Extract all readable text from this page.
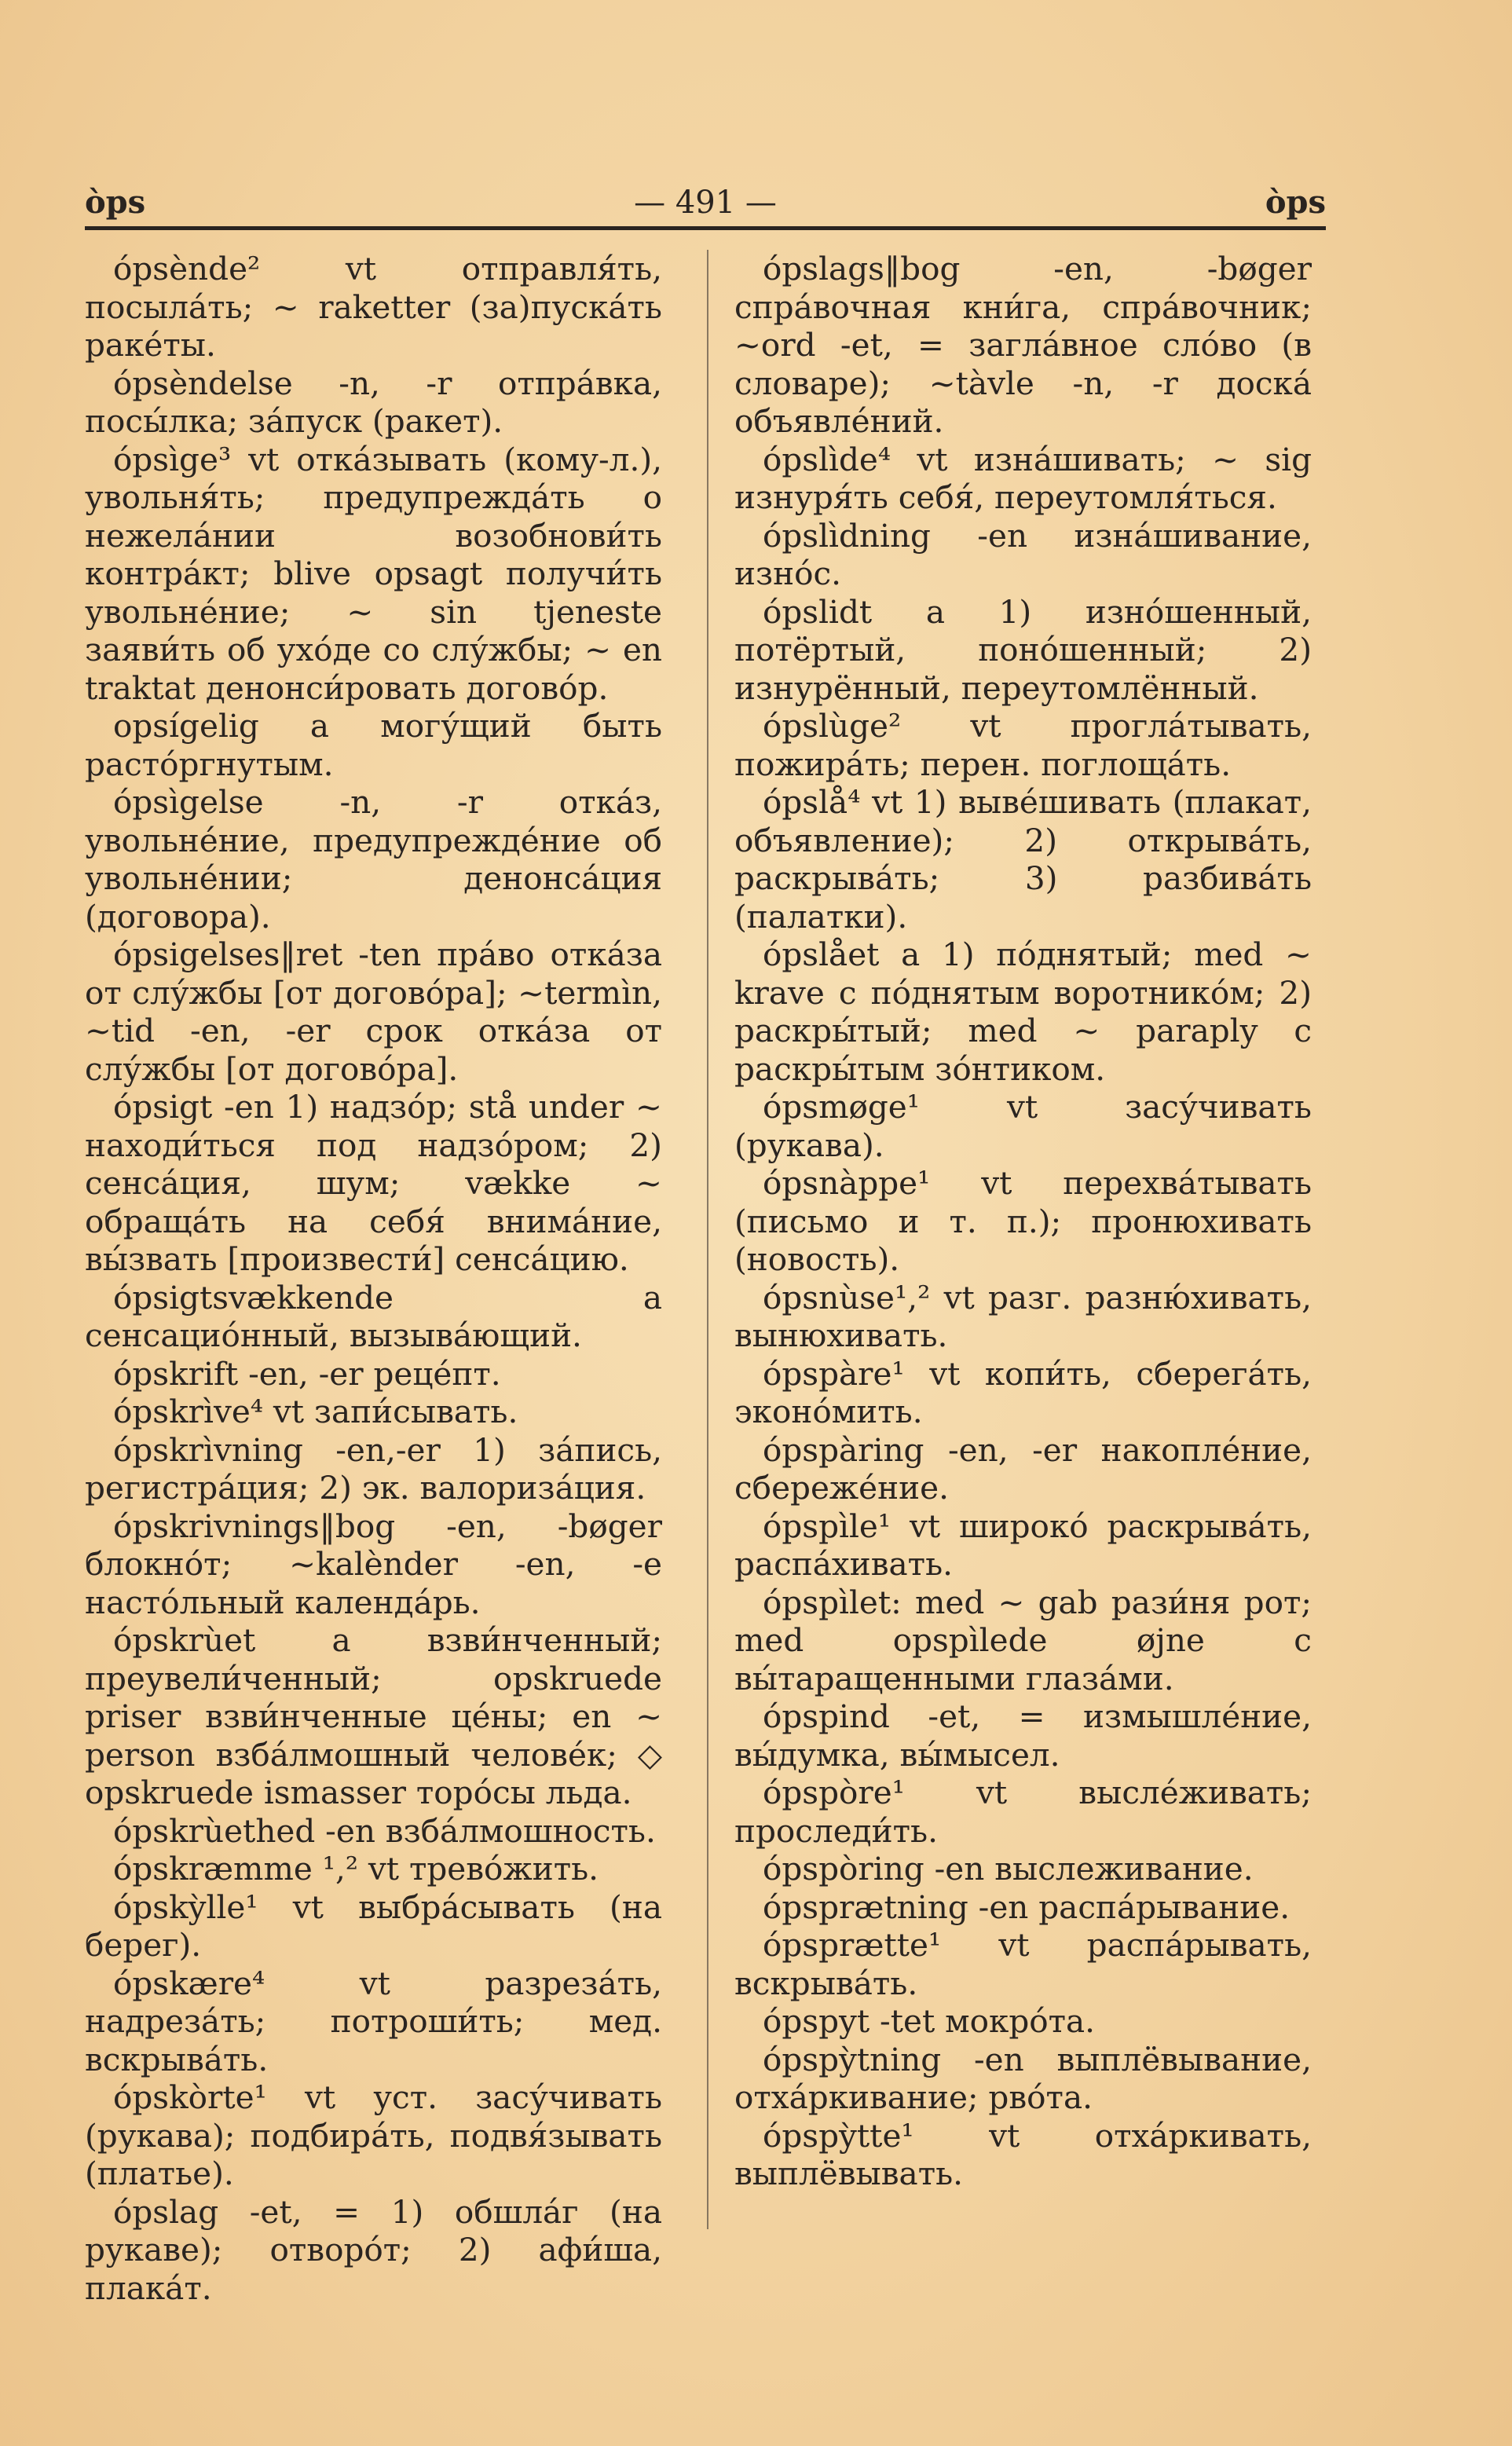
òps	— 491 —	òps

ópsènde² vt отправля́ть, посыла́ть; ~ raketter (за)пуска́ть раке́ты.

ópsèndelse -n, -r отпра́вка, посы́лка; за́пуск (ракет).

ópsìge³ vt отка́зывать (кому-л.), увольня́ть; предупрежда́ть о нежела́нии возобнови́ть контра́кт; blive opsagt получи́ть увольне́ние; ~ sin tjeneste заяви́ть об ухо́де со слу́жбы; ~ en traktat денонси́ровать догово́р.

opsígelig a могу́щий быть расто́ргнутым.

ópsìgelse -n, -r отка́з, увольне́ние, предупрежде́ние об увольне́нии; денонса́ция (договора).

ópsigelses‖ret -ten пра́во отка́за от слу́жбы [от догово́ра]; ~termìn, ~tid -en, -er срок отка́за от слу́жбы [от догово́ра].

ópsigt -en 1) надзо́р; stå under ~ находи́ться под надзо́ром; 2) сенса́ция, шум; vække ~ обраща́ть на себя́ внима́ние, вы́звать [произвести́] сенса́цию.

ópsigtsvækkende a сенсацио́нный, вызыва́ющий.

ópskrift -en, -er реце́пт.

ópskrìve⁴ vt запи́сывать.

ópskrìvning -en,-er 1) за́пись, регистра́ция; 2) эк. валориза́ция.

ópskrivnings‖bog -en, -bøger блокно́т; ~kalènder -en, -e насто́льный календа́рь.

ópskrùet a взви́нченный; преувели́ченный; opskruede priser взви́нченные це́ны; en ~ person взба́лмошный челове́к; ◇ opskruede ismasser торо́сы льда.

ópskrùethed -en взба́лмошность.

ópskræmme ¹,² vt трево́жить.

ópskỳlle¹ vt выбра́сывать (на берег).

ópskære⁴ vt разреза́ть, надреза́ть; потроши́ть; мед. вскрыва́ть.

ópskòrte¹ vt уст. засу́чивать (рукава); подбира́ть, подвя́зывать (платье).

ópslag -et, = 1) обшла́г (на рукаве); отворо́т; 2) афи́ша, плака́т.

ópslags‖bog -en, -bøger спра́вочная кни́га, спра́вочник; ~ord -et, = загла́вное сло́во (в словаре); ~tàvle -n, -r доска́ объявле́ний.

ópslìde⁴ vt изна́шивать; ~ sig изнуря́ть себя́, переутомля́ться.

ópslìdning -en изна́шивание, изно́с.

ópslidt a 1) изно́шенный, потёртый, поно́шенный; 2) изнурённый, переутомлённый.

ópslùge² vt прогла́тывать, пожира́ть; перен. поглоща́ть.

ópslå⁴ vt 1) выве́шивать (плакат, объявление); 2) открыва́ть, раскрыва́ть; 3) разбива́ть (палатки).

ópslået a 1) по́днятый; med ~ krave с по́днятым воротнико́м; 2) раскры́тый; med ~ paraply с раскры́тым зо́нтиком.

ópsmøge¹ vt засу́чивать (рукава).

ópsnàppe¹ vt перехва́тывать (письмо и т. п.); пронюхивать (новость).

ópsnùse¹,² vt разг. разню́хивать, вынюхивать.

ópspàre¹ vt копи́ть, сберега́ть, эконо́мить.

ópspàring -en, -er накопле́ние, сбереже́ние.

ópspìle¹ vt широко́ раскрыва́ть, распа́хивать.

ópspìlet: med ~ gab рази́ня рот; med opspìlede øjne с вы́таращенными глаза́ми.

ópspind -et, = измышле́ние, вы́думка, вы́мысел.

ópspòre¹ vt высле́живать; проследи́ть.

ópspòring -en выслеживание.

ópsprætning -en распа́рывание.

ópsprætte¹ vt распа́рывать, вскрыва́ть.

ópspyt -tet мокро́та.

ópspỳtning -en выплёвывание, отха́ркивание; рво́та.

ópspỳtte¹ vt отха́ркивать, выплёвывать.
